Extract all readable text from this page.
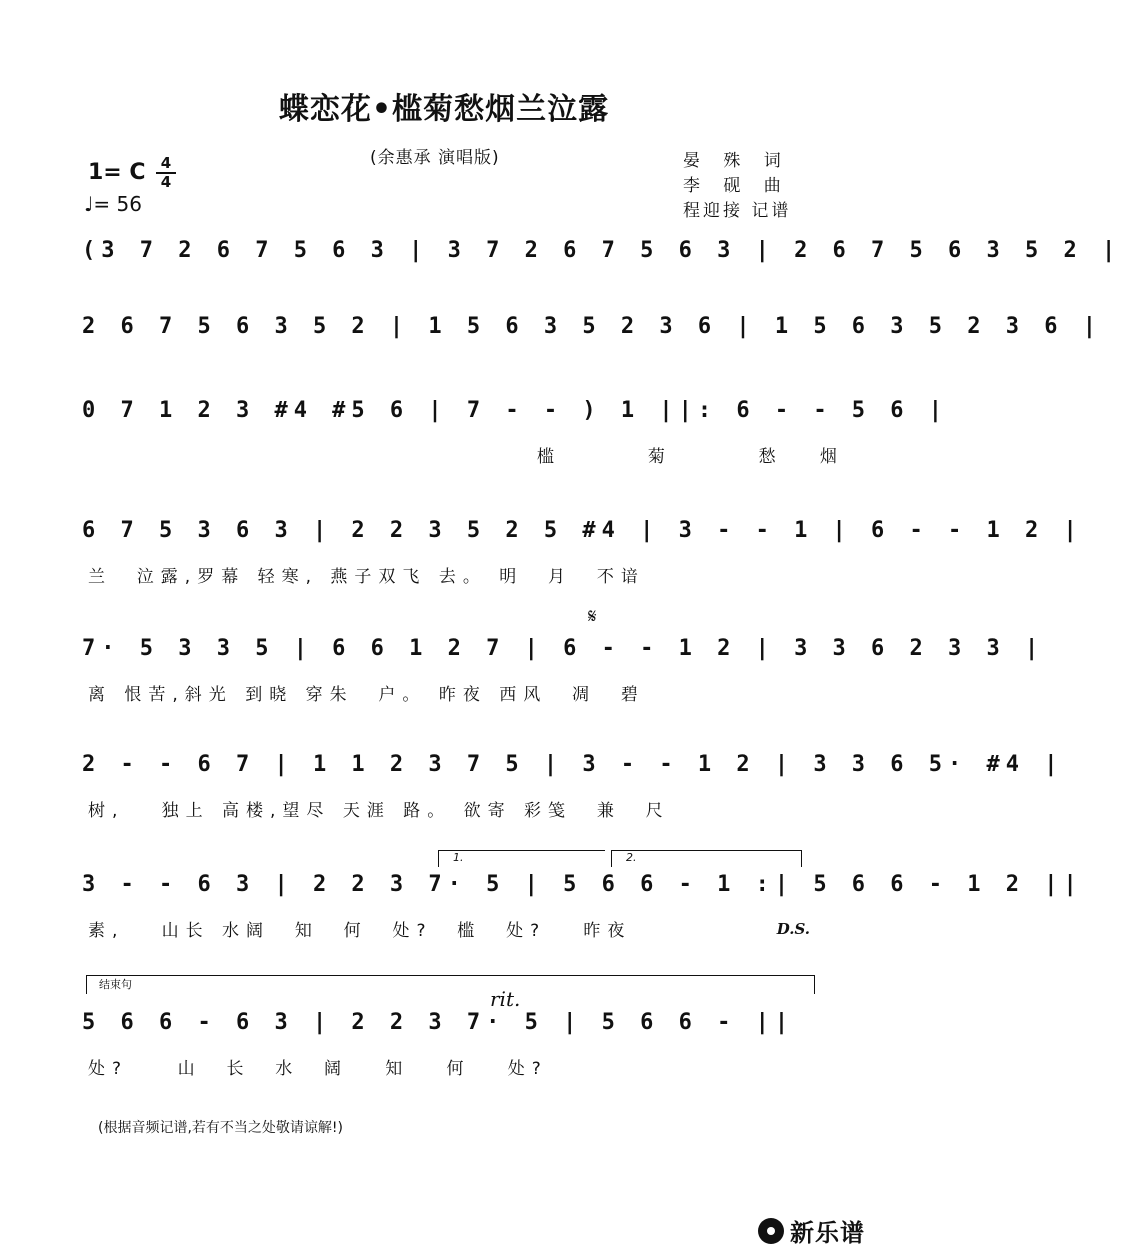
蝶恋花•槛菊愁烟兰泣露
(余惠承 演唱版)
1= C	4
4
♩= 56
晏 殊 词
李 砚 曲
程迎接 记谱
(3 7 2 6 7 5 6 3 | 3 7 2 6 7 5 6 3 | 2 6 7 5 6 3 5 2 |
2 6 7 5 6 3 5 2 | 1 5 6 3 5 2 3 6 | 1 5 6 3 5 2 3 6 |
0 7 1 2 3 #4 #5 6 | 7 - - ) 1 ||: 6 - - 5 6 |
槛       菊       愁   烟
6 7 5 3 6 3 | 2 2 3 5 2 5 #4 | 3 - - 1 | 6 - - 1 2 |
兰  泣露,罗幕 轻寒, 燕子双飞 去。 明  月  不谙
𝄋
7· 5 3 3 5 | 6 6 1 2 7 | 6 - - 1 2 | 3 3 6 2 3 3 |
离 恨苦,斜光 到晓 穿朱  户。 昨夜 西风  凋  碧
2 - - 6 7 | 1 1 2 3 7 5 | 3 - - 1 2 | 3 3 6 5· #4 |
树,   独上 高楼,望尽 天涯 路。 欲寄 彩笺  兼  尺
1.	2.
3 - - 6 3 | 2 2 3 7· 5 | 5 6 6 - 1 :| 5 6 6 - 1 2 ||
素,   山长 水阔  知  何  处?  槛  处?   昨夜	D.S.
结束句
rit.
5 6 6 - 6 3 | 2 2 3 7· 5 | 5 6 6 - ||
处?    山  长  水  阔   知   何   处?
(根据音频记谱,若有不当之处敬请谅解!)
新乐谱
